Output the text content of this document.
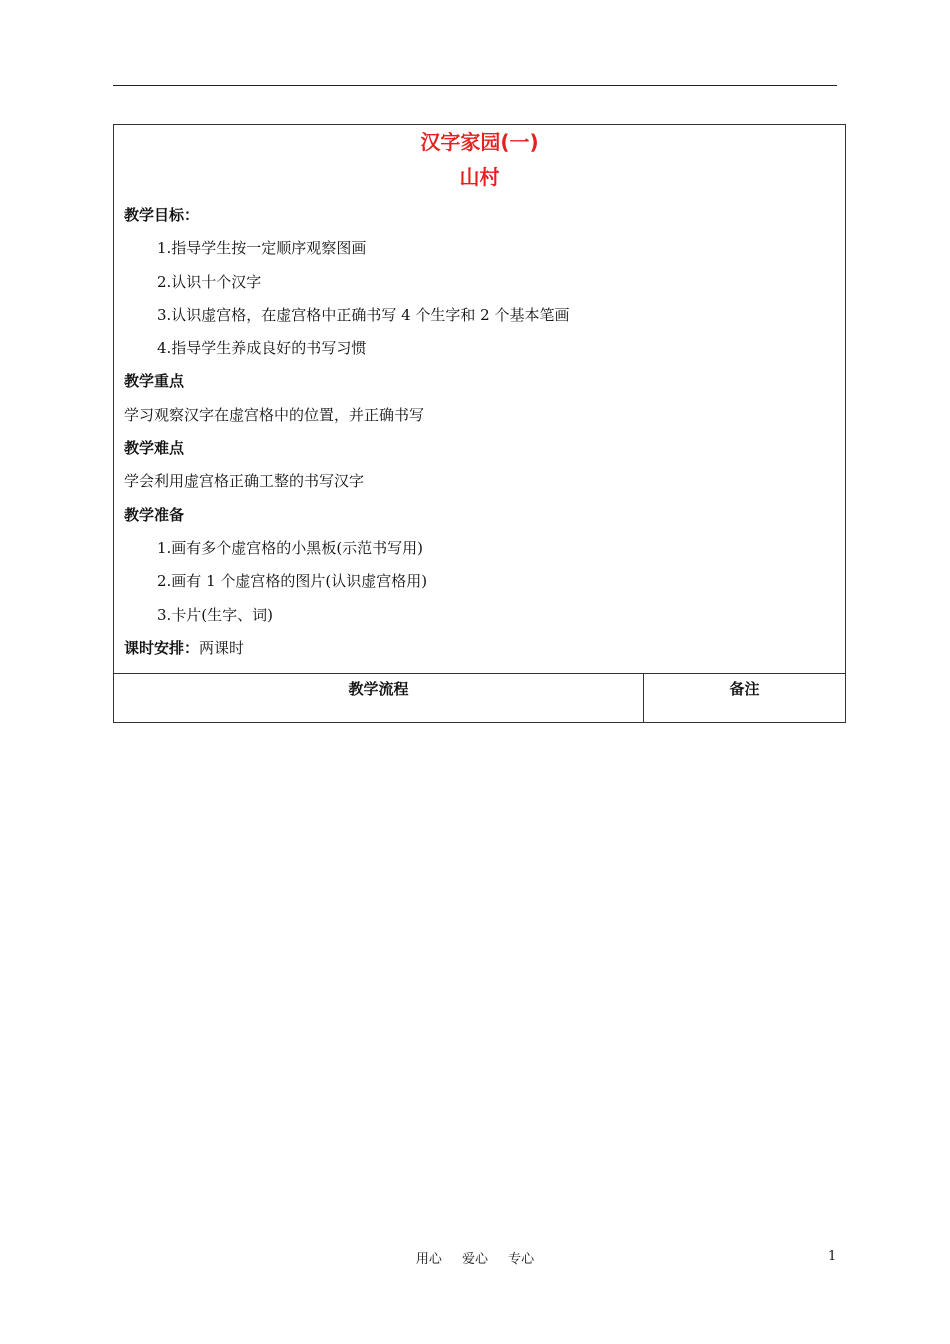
汉字家园(一)
山村
教学目标：
1.指导学生按一定顺序观察图画
2.认识十个汉字
3.认识虚宫格，在虚宫格中正确书写 4 个生字和 2 个基本笔画
4.指导学生养成良好的书写习惯
教学重点
学习观察汉字在虚宫格中的位置，并正确书写
教学难点
学会利用虚宫格正确工整的书写汉字
教学准备
1.画有多个虚宫格的小黑板(示范书写用)
2.画有 1 个虚宫格的图片(认识虚宫格用)
3.卡片(生字、词)
课时安排：两课时
教学流程	备注
用心 爱心 专心	1
